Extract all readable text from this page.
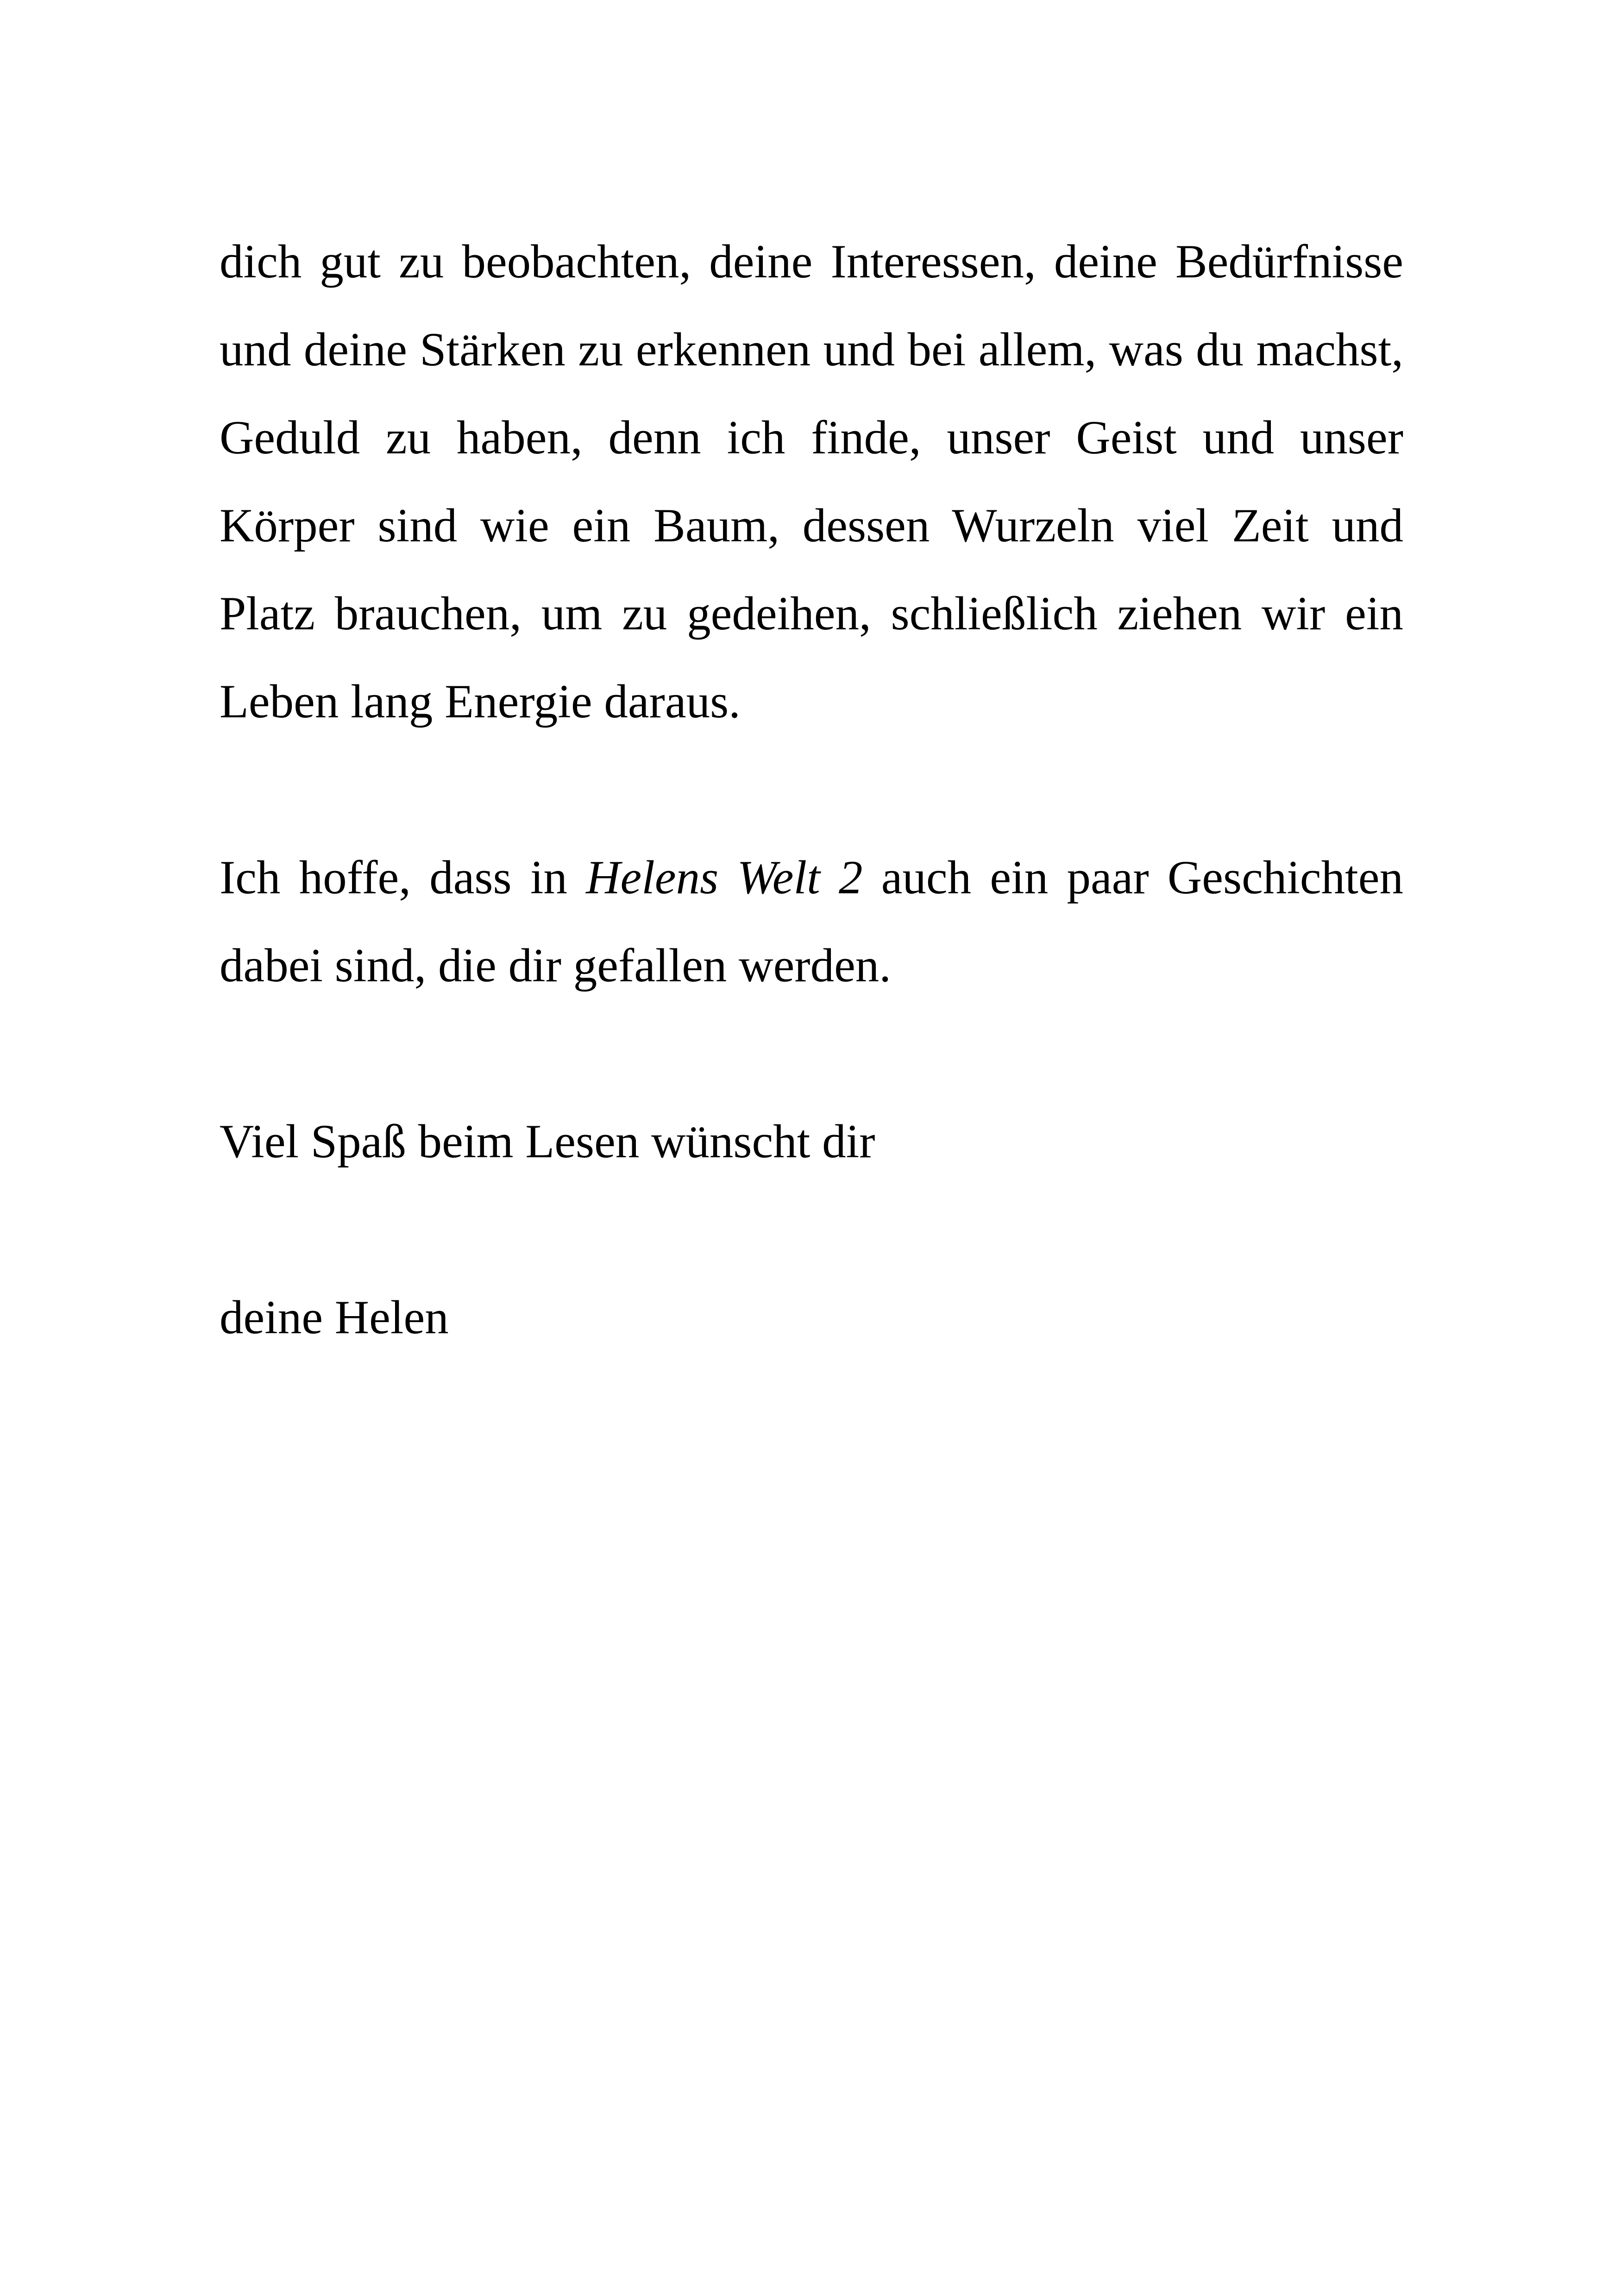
dich gut zu beobachten, deine Interessen, deine Bedürfnisse und deine Stärken zu erkennen und bei allem, was du machst, Geduld zu haben, denn ich finde, unser Geist und unser Körper sind wie ein Baum, dessen Wurzeln viel Zeit und Platz brauchen, um zu gedeihen, schließlich ziehen wir ein Leben lang Energie daraus.

Ich hoffe, dass in Helens Welt 2 auch ein paar Geschichten dabei sind, die dir gefallen werden.

Viel Spaß beim Lesen wünscht dir

deine Helen
